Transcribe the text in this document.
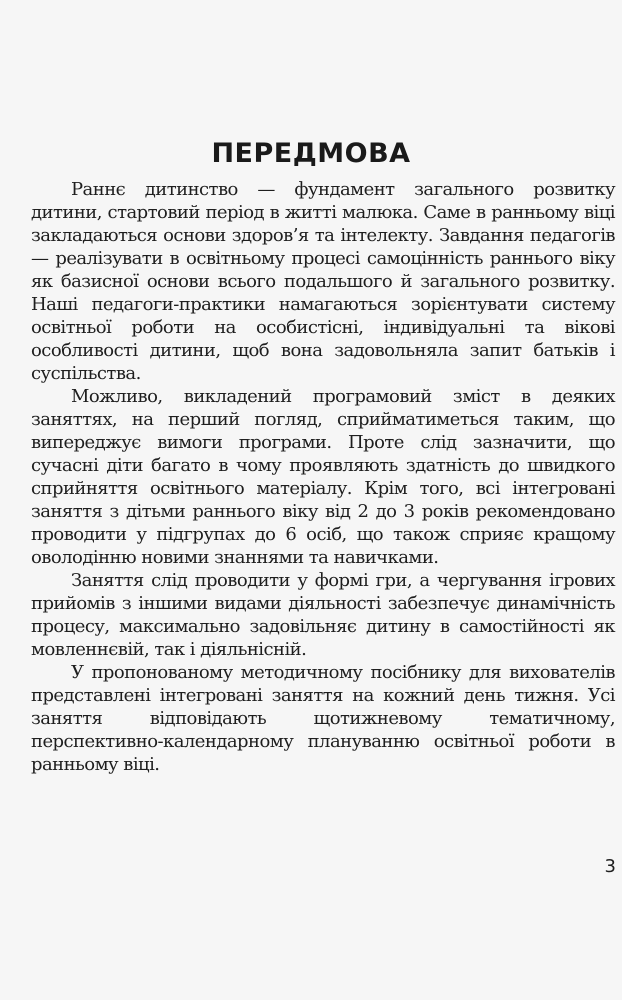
ПЕРЕДМОВА

Раннє дитинство — фундамент загального розвитку дитини, стартовий період в житті малюка. Саме в ранньому віці закладаються основи здоров’я та інтелекту. Завдання педагогів — реалізувати в освітньому процесі самоцінність раннього віку як базисної основи всього подальшого й загального розвитку. Наші педагоги-практики намагаються зорієнтувати систему освітньої роботи на особистісні, індивідуальні та вікові особливості дитини, щоб вона задовольняла запит батьків і суспільства.

Можливо, викладений програмовий зміст в деяких заняттях, на перший погляд, сприйматиметься таким, що випереджує вимоги програми. Проте слід зазначити, що сучасні діти багато в чому проявляють здатність до швидкого сприйняття освітнього матеріалу. Крім того, всі інтегровані заняття з дітьми раннього віку від 2 до 3 років рекомендовано проводити у підгрупах до 6 осіб, що також сприяє кращому оволодінню новими знаннями та навичками.

Заняття слід проводити у формі гри, а чергування ігрових прийомів з іншими видами діяльності забезпечує динамічність процесу, максимально задовільняє дитину в самостійності як мовленнєвій, так і діяльнісній.

У пропонованому методичному посібнику для вихователів представлені інтегровані заняття на кожний день тижня. Усі заняття відповідають щотижневому тематичному, перспективно-календарному плануванню освітньої роботи в ранньому віці.

3
